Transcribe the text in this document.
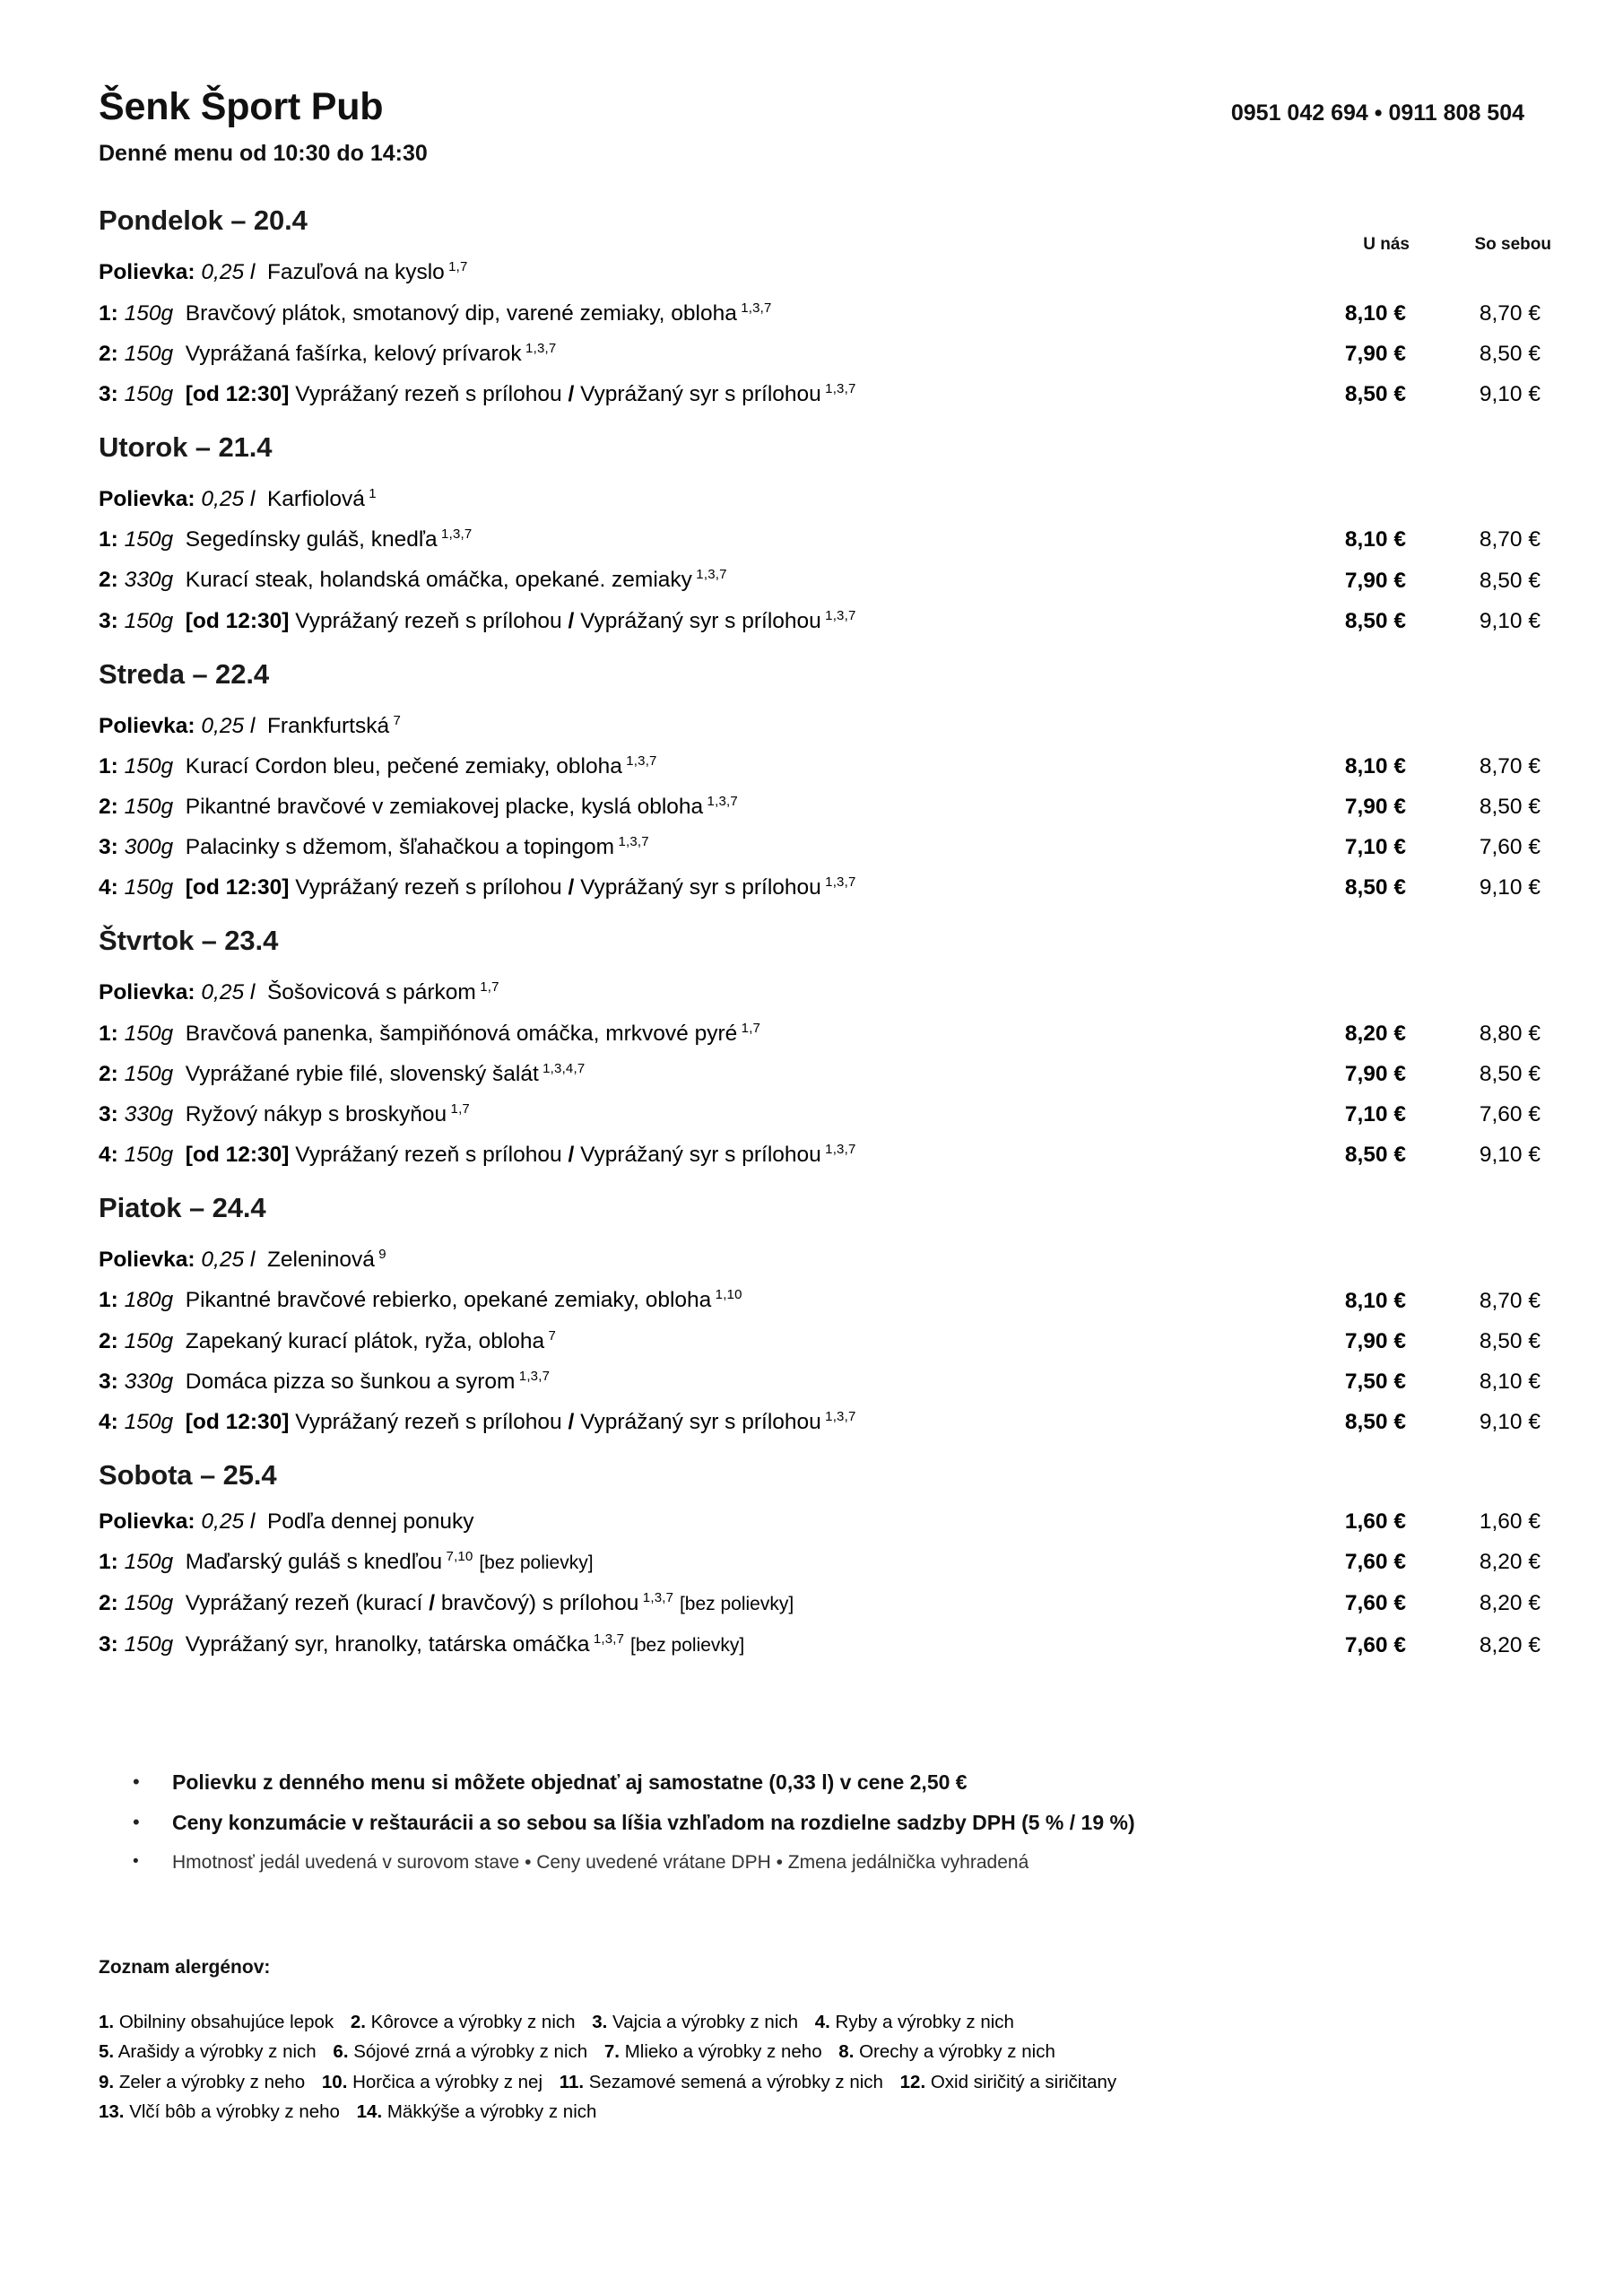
Šenk Šport Pub
Denné menu od 10:30 do 14:30
0951 042 694 • 0911 808 504
U nás	So sebou
Pondelok – 20.4
Polievka: 0,25 l Fazuľová na kyslo $^{1,7}$
1: 150g Bravčový plátok, smotanový dip, varené zemiaky, obloha $^{1,3,7}$	8,10 €	8,70 €
2: 150g Vyprážaná fašírka, kelový prívarok $^{1,3,7}$	7,90 €	8,50 €
3: 150g [od 12:30] Vyprážaný rezeň s prílohou / Vyprážaný syr s prílohou $^{1,3,7}$	8,50 €	9,10 €
Utorok – 21.4
Polievka: 0,25 l Karfiolová $^1$
1: 150g Segedínsky guláš, knedľa $^{1,3,7}$	8,10 €	8,70 €
2: 330g Kurací steak, holandská omáčka, opekané. zemiaky $^{1,3,7}$	7,90 €	8,50 €
3: 150g [od 12:30] Vyprážaný rezeň s prílohou / Vyprážaný syr s prílohou $^{1,3,7}$	8,50 €	9,10 €
Streda – 22.4
Polievka: 0,25 l Frankfurtská $^7$
1: 150g Kurací Cordon bleu, pečené zemiaky, obloha $^{1,3,7}$	8,10 €	8,70 €
2: 150g Pikantné bravčové v zemiakovej placke, kyslá obloha $^{1,3,7}$	7,90 €	8,50 €
3: 300g Palacinky s džemom, šľahačkou a topingom $^{1,3,7}$	7,10 €	7,60 €
4: 150g [od 12:30] Vyprážaný rezeň s prílohou / Vyprážaný syr s prílohou $^{1,3,7}$	8,50 €	9,10 €
Štvrtok – 23.4
Polievka: 0,25 l Šošovicová s párkom $^{1,7}$
1: 150g Bravčová panenka, šampiňónová omáčka, mrkvové pyré $^{1,7}$	8,20 €	8,80 €
2: 150g Vyprážané rybie filé, slovenský šalát $^{1,3,4,7}$	7,90 €	8,50 €
3: 330g Ryžový nákyp s broskyňou $^{1,7}$	7,10 €	7,60 €
4: 150g [od 12:30] Vyprážaný rezeň s prílohou / Vyprážaný syr s prílohou $^{1,3,7}$	8,50 €	9,10 €
Piatok – 24.4
Polievka: 0,25 l Zeleninová $^9$
1: 180g Pikantné bravčové rebierko, opekané zemiaky, obloha $^{1,10}$	8,10 €	8,70 €
2: 150g Zapekaný kurací plátok, ryža, obloha $^7$	7,90 €	8,50 €
3: 330g Domáca pizza so šunkou a syrom $^{1,3,7}$	7,50 €	8,10 €
4: 150g [od 12:30] Vyprážaný rezeň s prílohou / Vyprážaný syr s prílohou $^{1,3,7}$	8,50 €	9,10 €
Sobota – 25.4
Polievka: 0,25 l Podľa dennej ponuky	1,60 €	1,60 €
1: 150g Maďarský guláš s knedľou $^{7,10}$ [bez polievky]	7,60 €	8,20 €
2: 150g Vyprážaný rezeň (kurací / bravčový) s prílohou $^{1,3,7}$ [bez polievky]	7,60 €	8,20 €
3: 150g Vyprážaný syr, hranolky, tatárska omáčka $^{1,3,7}$ [bez polievky]	7,60 €	8,20 €
•	Polievku z denného menu si môžete objednať aj samostatne (0,33 l) v cene 2,50 €
•	Ceny konzumácie v reštaurácii a so sebou sa líšia vzhľadom na rozdielne sadzby DPH (5 % / 19 %)
•	Hmotnosť jedál uvedená v surovom stave • Ceny uvedené vrátane DPH • Zmena jedálnička vyhradená
Zoznam alergénov:
1. Obilniny obsahujúce lepok 2. Kôrovce a výrobky z nich 3. Vajcia a výrobky z nich 4. Ryby a výrobky z nich
5. Arašidy a výrobky z nich 6. Sójové zrná a výrobky z nich 7. Mlieko a výrobky z neho 8. Orechy a výrobky z nich
9. Zeler a výrobky z neho 10. Horčica a výrobky z nej 11. Sezamové semená a výrobky z nich 12. Oxid siričitý a siričitany
13. Vlčí bôb a výrobky z neho 14. Mäkkýše a výrobky z nich
